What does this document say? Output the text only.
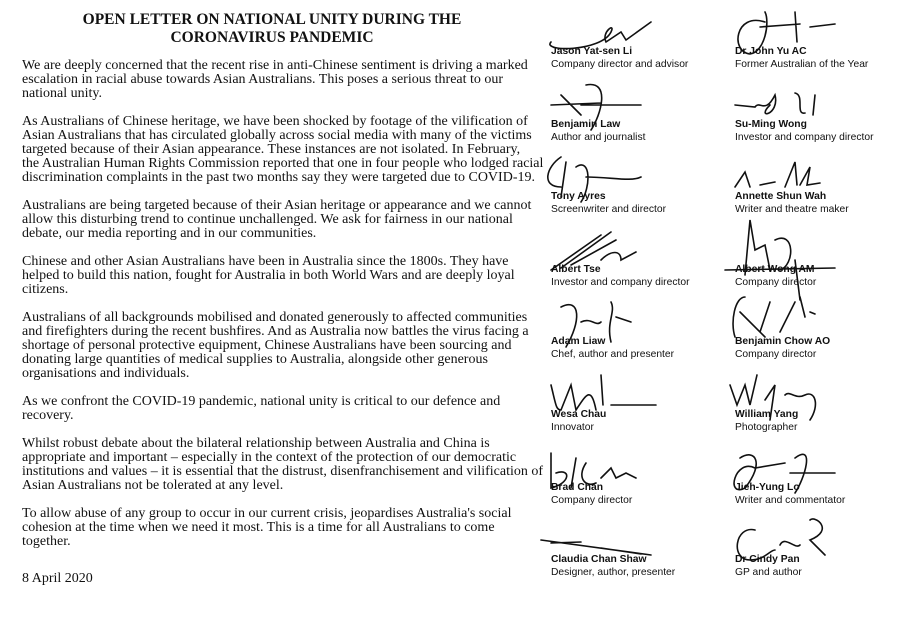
OPEN LETTER ON NATIONAL UNITY DURING THE
CORONAVIRUS PANDEMIC

We are deeply concerned that the recent rise in anti-Chinese sentiment is driving a marked
escalation in racial abuse towards Asian Australians. This poses a serious threat to our
national unity.

As Australians of Chinese heritage, we have been shocked by footage of the vilification of
Asian Australians that has circulated globally across social media with many of the victims
targeted because of their Asian appearance. These instances are not isolated. In February,
the Australian Human Rights Commission reported that one in four people who lodged racial
discrimination complaints in the past two months say they were targeted due to COVID-19.

Australians are being targeted because of their Asian heritage or appearance and we cannot
allow this disturbing trend to continue unchallenged. We ask for fairness in our national
debate, our media reporting and in our communities.

Chinese and other Asian Australians have been in Australia since the 1800s. They have
helped to build this nation, fought for Australia in both World Wars and are deeply loyal
citizens.

Australians of all backgrounds mobilised and donated generously to affected communities
and firefighters during the recent bushfires. And as Australia now battles the virus facing a
shortage of personal protective equipment, Chinese Australians have been sourcing and
donating large quantities of medical supplies to Australia, alongside other generous
organisations and individuals.

As we confront the COVID-19 pandemic, national unity is critical to our defence and
recovery.

Whilst robust debate about the bilateral relationship between Australia and China is
appropriate and important – especially in the context of the protection of our democratic
institutions and values – it is essential that the distrust, disenfranchisement and vilification of
Asian Australians not be tolerated at any level.

To allow abuse of any group to occur in our current crisis, jeopardises Australia's social
cohesion at the time when we need it most. This is a time for all Australians to come
together.

8 April 2020
Jason Yat-sen Li
Company director and advisor
Dr John Yu AC
Former Australian of the Year
Benjamin Law
Author and journalist
Su-Ming Wong
Investor and company director
Tony Ayres
Screenwriter and director
Annette Shun Wah
Writer and theatre maker
Albert Tse
Investor and company director
Albert Wong AM
Company director
Adam Liaw
Chef, author and presenter
Benjamin Chow AO
Company director
Wesa Chau
Innovator
William Yang
Photographer
Brad Chan
Company director
Jieh-Yung Lo
Writer and commentator
Claudia Chan Shaw
Designer, author, presenter
Dr Cindy Pan
GP and author
